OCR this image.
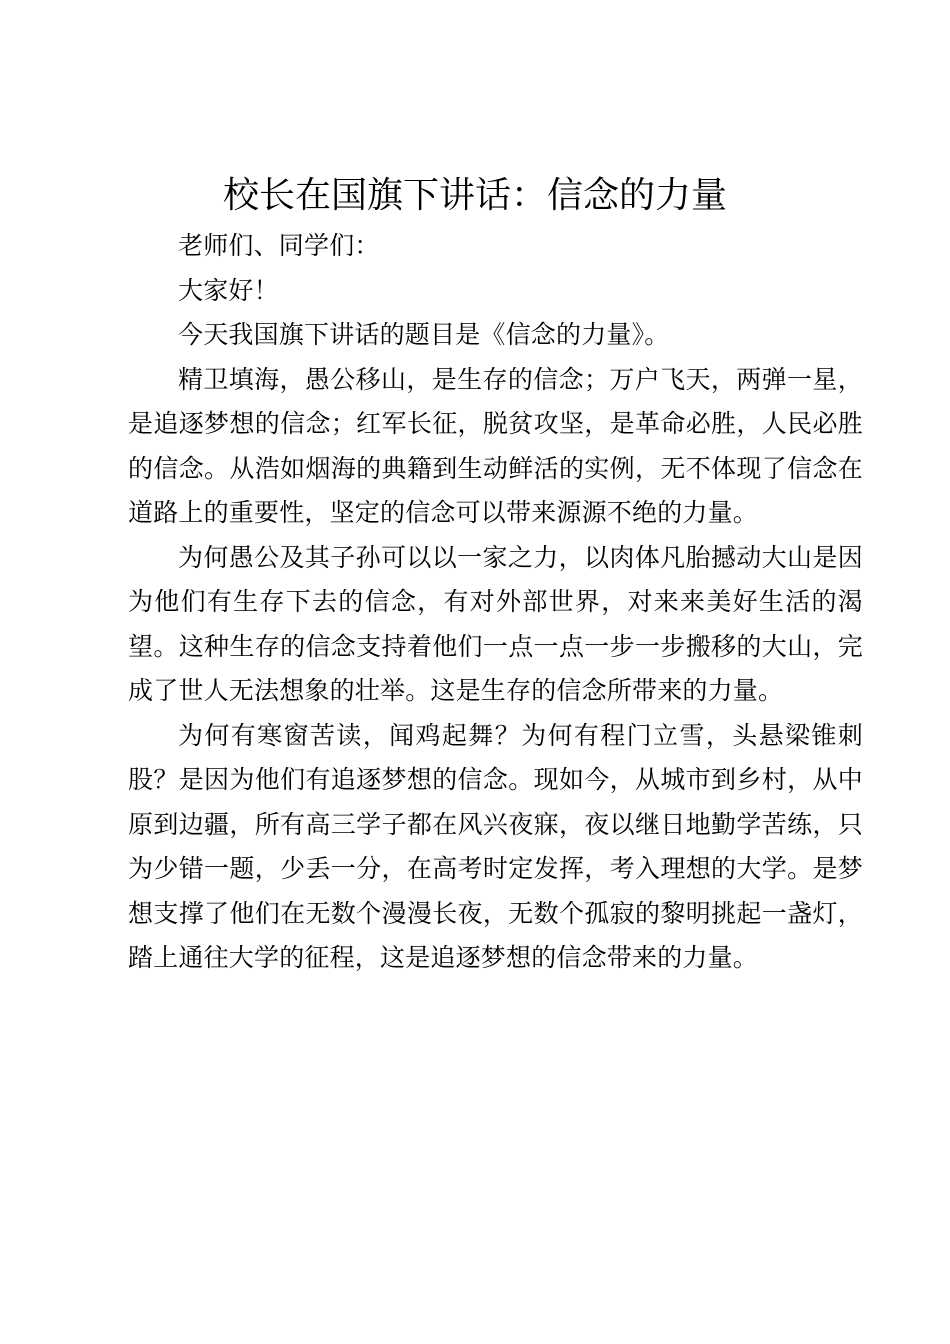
校长在国旗下讲话：信念的力量

老师们、同学们：

大家好！

今天我国旗下讲话的题目是《信念的力量》。

精卫填海，愚公移山，是生存的信念；万户飞天，两弹一星，是追逐梦想的信念；红军长征，脱贫攻坚，是革命必胜，人民必胜的信念。从浩如烟海的典籍到生动鲜活的实例，无不体现了信念在道路上的重要性，坚定的信念可以带来源源不绝的力量。

为何愚公及其子孙可以以一家之力，以肉体凡胎撼动大山是因为他们有生存下去的信念，有对外部世界，对来来美好生活的渴望。这种生存的信念支持着他们一点一点一步一步搬移的大山，完成了世人无法想象的壮举。这是生存的信念所带来的力量。

为何有寒窗苦读，闻鸡起舞？为何有程门立雪，头悬梁锥刺股？是因为他们有追逐梦想的信念。现如今，从城市到乡村，从中原到边疆，所有高三学子都在风兴夜寐，夜以继日地勤学苦练，只为少错一题，少丢一分，在高考时定发挥，考入理想的大学。是梦想支撑了他们在无数个漫漫长夜，无数个孤寂的黎明挑起一盏灯，踏上通往大学的征程，这是追逐梦想的信念带来的力量。
